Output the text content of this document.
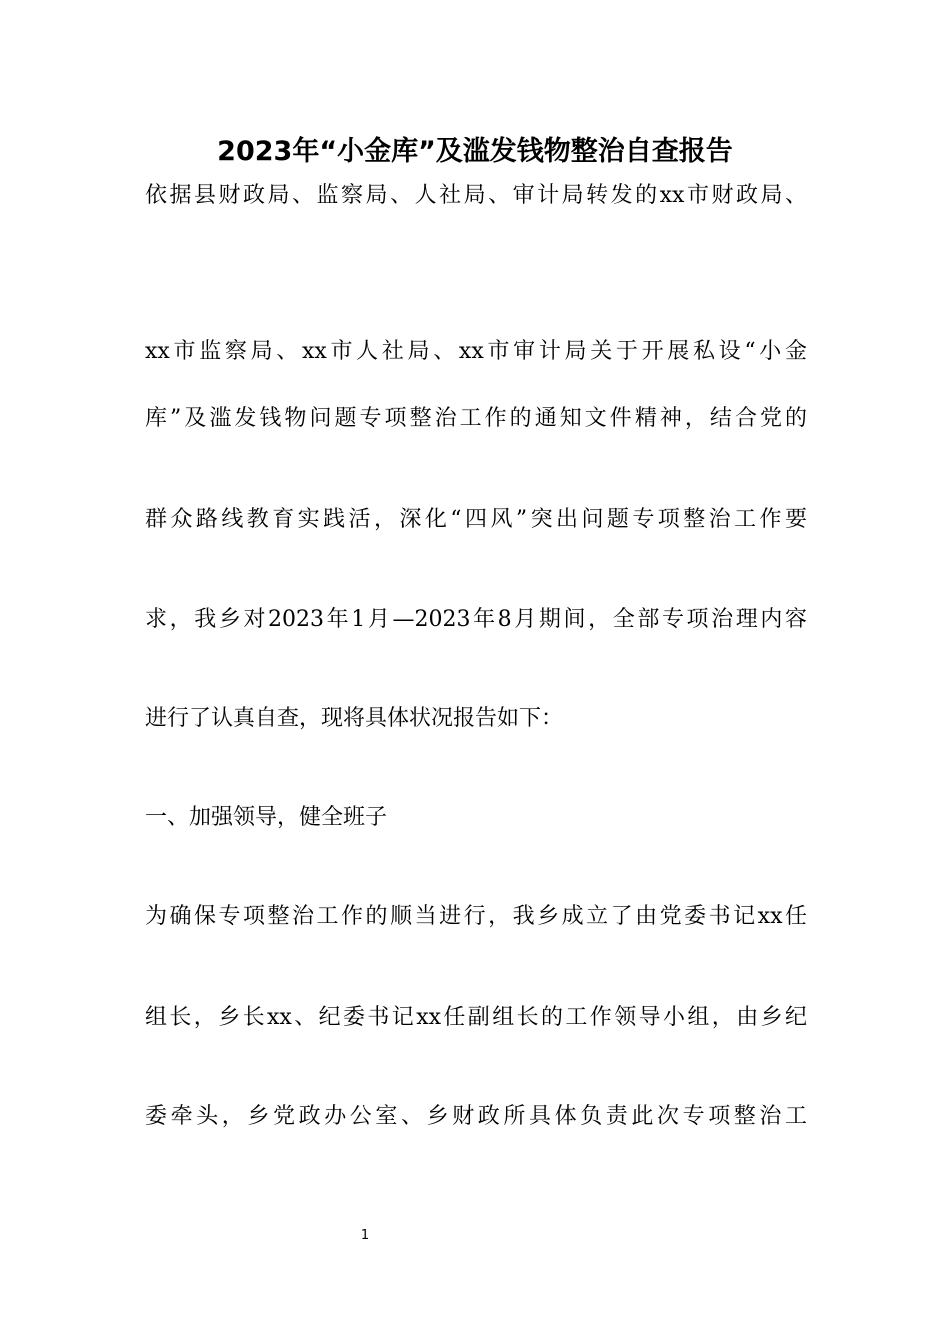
2023年“小金库”及滥发钱物整治自查报告

依据县财政局、监察局、人社局、审计局转发的xx市财政局、

xx市监察局、xx市人社局、xx市审计局关于开展私设“小金

库”及滥发钱物问题专项整治工作的通知文件精神，结合党的

群众路线教育实践活，深化“四风”突出问题专项整治工作要

求，我乡对2023年1月—2023年8月期间，全部专项治理内容

进行了认真自查，现将具体状况报告如下：

一、加强领导，健全班子

为确保专项整治工作的顺当进行，我乡成立了由党委书记xx任

组长，乡长xx、纪委书记xx任副组长的工作领导小组，由乡纪

委牵头，乡党政办公室、乡财政所具体负责此次专项整治工

1
